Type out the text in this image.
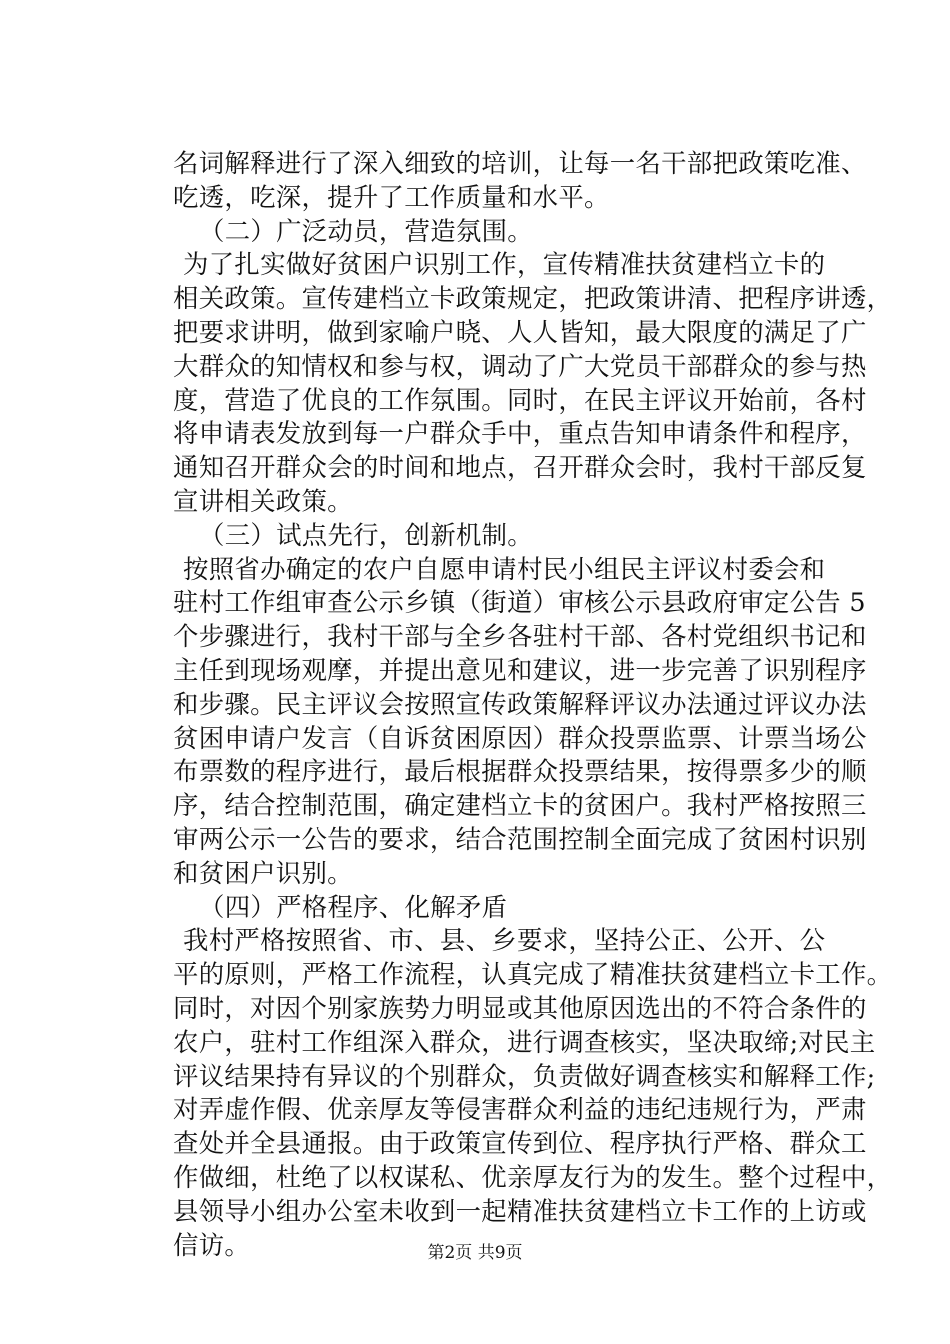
名词解释进行了深入细致的培训，让每一名干部把政策吃准、
吃透，吃深，提升了工作质量和水平。
（二）广泛动员，营造氛围。
为了扎实做好贫困户识别工作，宣传精准扶贫建档立卡的
相关政策。宣传建档立卡政策规定，把政策讲清、把程序讲透，
把要求讲明，做到家喻户晓、人人皆知，最大限度的满足了广
大群众的知情权和参与权，调动了广大党员干部群众的参与热
度，营造了优良的工作氛围。同时，在民主评议开始前，各村
将申请表发放到每一户群众手中，重点告知申请条件和程序，
通知召开群众会的时间和地点，召开群众会时，我村干部反复
宣讲相关政策。
（三）试点先行，创新机制。
按照省办确定的农户自愿申请村民小组民主评议村委会和
驻村工作组审查公示乡镇（街道）审核公示县政府审定公告 5
个步骤进行，我村干部与全乡各驻村干部、各村党组织书记和
主任到现场观摩，并提出意见和建议，进一步完善了识别程序
和步骤。民主评议会按照宣传政策解释评议办法通过评议办法
贫困申请户发言（自诉贫困原因）群众投票监票、计票当场公
布票数的程序进行，最后根据群众投票结果，按得票多少的顺
序，结合控制范围，确定建档立卡的贫困户。我村严格按照三
审两公示一公告的要求，结合范围控制全面完成了贫困村识别
和贫困户识别。
（四）严格程序、化解矛盾
我村严格按照省、市、县、乡要求，坚持公正、公开、公
平的原则，严格工作流程，认真完成了精准扶贫建档立卡工作。
同时，对因个别家族势力明显或其他原因选出的不符合条件的
农户，驻村工作组深入群众，进行调查核实，坚决取缔;对民主
评议结果持有异议的个别群众，负责做好调查核实和解释工作;
对弄虚作假、优亲厚友等侵害群众利益的违纪违规行为，严肃
查处并全县通报。由于政策宣传到位、程序执行严格、群众工
作做细，杜绝了以权谋私、优亲厚友行为的发生。整个过程中，
县领导小组办公室未收到一起精准扶贫建档立卡工作的上访或
信访。	第2页 共9页
